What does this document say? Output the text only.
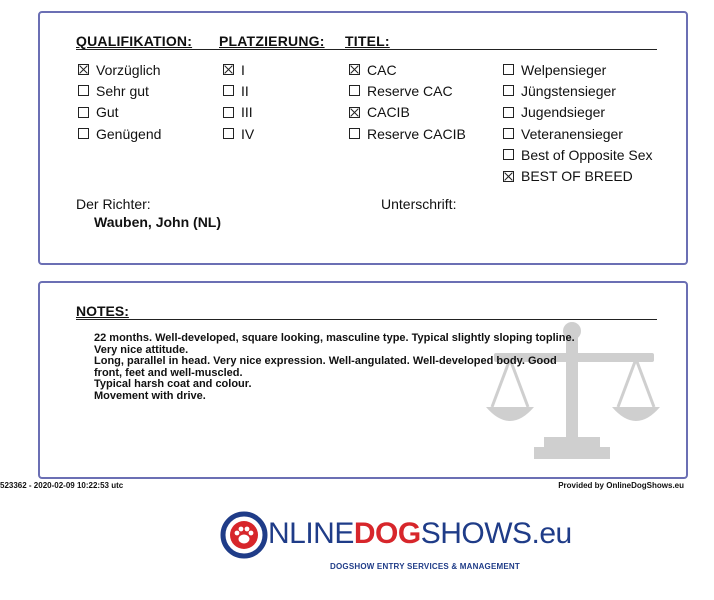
QUALIFIKATION: PLATZIERUNG: TITEL:
Vorzüglich
Sehr gut
Gut
Genügend
I
II
III
IV
CAC
Reserve CAC
CACIB
Reserve CACIB
Welpensieger
Jüngstensieger
Jugendsieger
Veteranensieger
Best of Opposite Sex
BEST OF BREED
Der Richter:
Wauben, John (NL)
Unterschrift:
NOTES:
22 months. Well-developed, square looking, masculine type. Typical slightly sloping topline.
Very nice attitude.
Long, parallel in head. Very nice expression. Well-angulated. Well-developed body. Good
front, feet and well-muscled.
Typical harsh coat and colour.
Movement with drive.
523362 - 2020-02-09 10:22:53 utc	Provided by OnlineDogShows.eu
NLINEDOGSHOWS.eu
DOGSHOW ENTRY SERVICES & MANAGEMENT
